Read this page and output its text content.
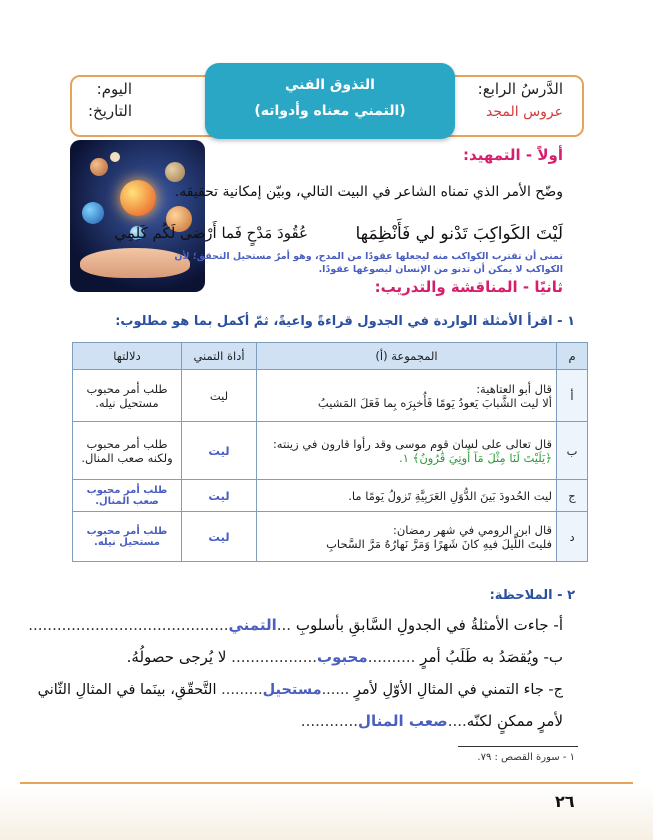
الدَّرسُ الرابع:
عروس المجد
التذوق الفني
(التمني معناه وأدواته)
اليوم:
التاريخ:
أولاً - التمهيد:
وضّح الأمر الذي تمناه الشاعر في البيت التالي، وبيّن إمكانية تحقيقه.
لَيْتَ الكَواكِبَ تَدْنو لي فَأَنْظِمَها
عُقُودَ مَدْحٍ فَما أَرْضى لَكُم كَلِمِي
تمنى أن تقترب الكواكب منه ليجعلها عقودًا من المدح، وهو أمرٌ مستحيل التحقق؛ لأن
الكواكب لا يمكن أن تدنو من الإنسان ليصوغها عقودًا.
ثانيًا - المناقشة والتدريب:
١ - اقرأ الأمثلة الواردة في الجدول قراءةً واعيةً، ثمّ أكمل بما هو مطلوب:
م	المجموعة (أ)	أداة التمني	دلالتها
أ	قال أبو العتاهية:
ألا ليت الشَّبابَ يَعودُ يَومًا فَأُخبِرَه بِما فَعَلَ المَشيبُ	ليت	طلب أمر محبوب مستحيل نيله.
ب	قال تعالى على لسان قوم موسى وقد رأوا قارون في زينته:
﴿يَلَيْتَ لَنَا مِثْلَ مَآ أُوتِيَ قَٰرُونُ﴾ ١.	ليت	طلب أمر محبوب ولكنه صعب المنال.
ج	ليت الحُدودَ بَينَ الدُّوَلِ العَرَبِيَّةِ تَزولُ يَومًا ما.	ليت	طلب أمر محبوب صعب المنال.
د	قال ابن الرومي في شهر رمضان:
فليتَ اللَّيلَ فيهِ كانَ شَهرًا وَمَرَّ نَهارُهُ مَرَّ السَّحابِ	ليت	طلب أمر محبوب مستحيل نيله.
٢ - الملاحظة:
أ- جاءت الأمثلةُ في الجدولِ السَّابقِ بأسلوبِ ...التمني..........................................
ب- ويُقصَدُ به طَلَبُ أمرٍ ..........محبوب.................. لا يُرجى حصولُهُ.
ج- جاء التمني في المثالِ الأوّلِ لأمرٍ ......مستحيل......... التَّحقّقِ، بينَما في المثالِ الثّاني
لأمرٍ ممكنٍ لكنّه....صعب المنال............
١ - سورة القصص : ٧٩.
٢٦
